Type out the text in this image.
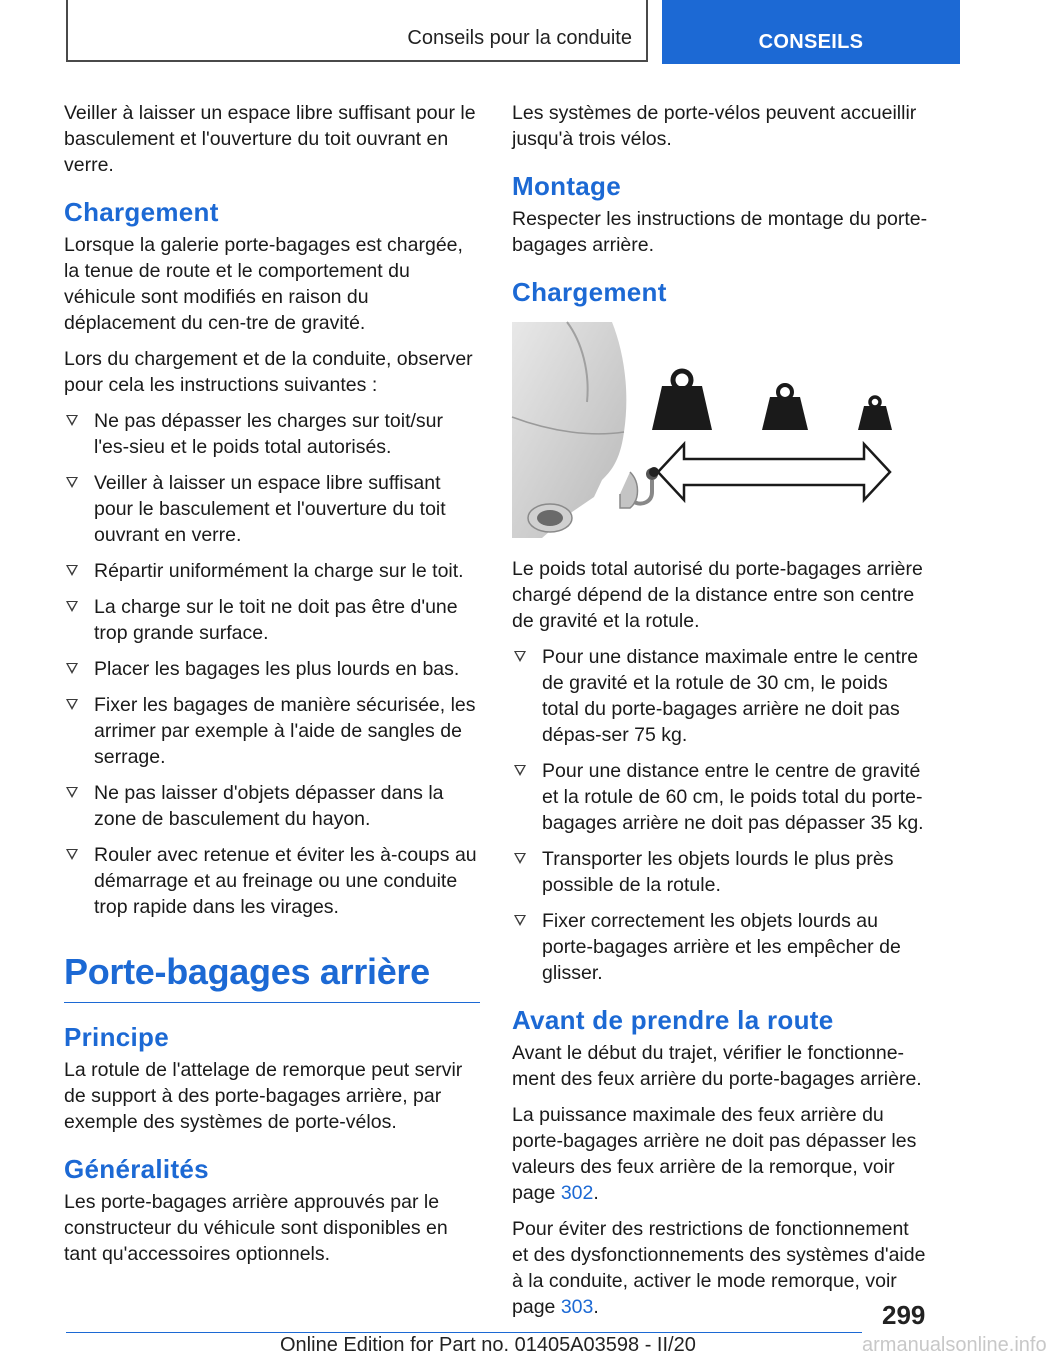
Conseils pour la conduite	CONSEILS

Veiller à laisser un espace libre suffisant pour le basculement et l'ouverture du toit ouvrant en verre.

Chargement

Lorsque la galerie porte-bagages est chargée, la tenue de route et le comportement du véhicule sont modifiés en raison du déplacement du cen-tre de gravité.

Lors du chargement et de la conduite, observer pour cela les instructions suivantes :

Ne pas dépasser les charges sur toit/sur l'es-sieu et le poids total autorisés.
Veiller à laisser un espace libre suffisant pour le basculement et l'ouverture du toit ouvrant en verre.
Répartir uniformément la charge sur le toit.
La charge sur le toit ne doit pas être d'une trop grande surface.
Placer les bagages les plus lourds en bas.
Fixer les bagages de manière sécurisée, les arrimer par exemple à l'aide de sangles de serrage.
Ne pas laisser d'objets dépasser dans la zone de basculement du hayon.
Rouler avec retenue et éviter les à-coups au démarrage et au freinage ou une conduite trop rapide dans les virages.
Porte-bagages arrière
Principe

La rotule de l'attelage de remorque peut servir de support à des porte-bagages arrière, par exemple des systèmes de porte-vélos.

Généralités

Les porte-bagages arrière approuvés par le constructeur du véhicule sont disponibles en tant qu'accessoires optionnels.

Les systèmes de porte-vélos peuvent accueillir jusqu'à trois vélos.

Montage

Respecter les instructions de montage du porte-bagages arrière.

Chargement

Le poids total autorisé du porte-bagages arrière chargé dépend de la distance entre son centre de gravité et la rotule.

Pour une distance maximale entre le centre de gravité et la rotule de 30 cm, le poids total du porte-bagages arrière ne doit pas dépas-ser 75 kg.
Pour une distance entre le centre de gravité et la rotule de 60 cm, le poids total du porte-bagages arrière ne doit pas dépasser 35 kg.
Transporter les objets lourds le plus près possible de la rotule.
Fixer correctement les objets lourds au porte-bagages arrière et les empêcher de glisser.
Avant de prendre la route

Avant le début du trajet, vérifier le fonctionne-ment des feux arrière du porte-bagages arrière.

La puissance maximale des feux arrière du porte-bagages arrière ne doit pas dépasser les valeurs des feux arrière de la remorque, voir page 302.

Pour éviter des restrictions de fonctionnement et des dysfonctionnements des systèmes d'aide à la conduite, activer le mode remorque, voir page 303.	299
Online Edition for Part no. 01405A03598 - II/20	armanualsonline.info
